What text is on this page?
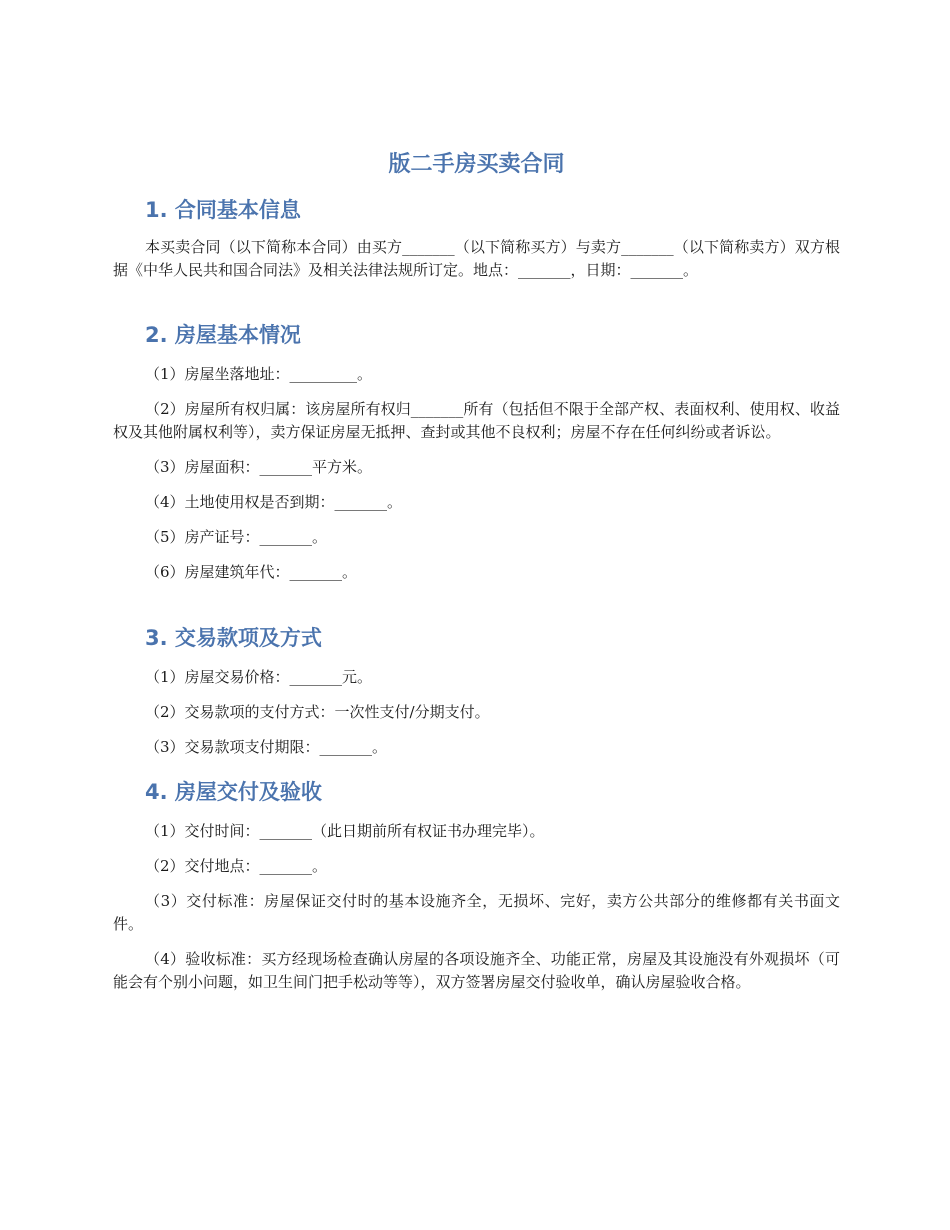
版二手房买卖合同
1. 合同基本信息

本买卖合同（以下简称本合同）由买方_______（以下简称买方）与卖方_______（以下简称卖方）双方根据《中华人民共和国合同法》及相关法律法规所订定。地点：_______，日期：_______。

2. 房屋基本情况

（1）房屋坐落地址：_________。

（2）房屋所有权归属：该房屋所有权归_______所有（包括但不限于全部产权、表面权利、使用权、收益权及其他附属权利等），卖方保证房屋无抵押、查封或其他不良权利；房屋不存在任何纠纷或者诉讼。

（3）房屋面积：_______平方米。

（4）土地使用权是否到期：_______。

（5）房产证号：_______。

（6）房屋建筑年代：_______。

3. 交易款项及方式

（1）房屋交易价格：_______元。

（2）交易款项的支付方式：一次性支付/分期支付。

（3）交易款项支付期限：_______。

4. 房屋交付及验收

（1）交付时间：_______（此日期前所有权证书办理完毕）。

（2）交付地点：_______。

（3）交付标准：房屋保证交付时的基本设施齐全，无损坏、完好，卖方公共部分的维修都有关书面文件。

（4）验收标准：买方经现场检查确认房屋的各项设施齐全、功能正常，房屋及其设施没有外观损坏（可能会有个别小问题，如卫生间门把手松动等等），双方签署房屋交付验收单，确认房屋验收合格。
